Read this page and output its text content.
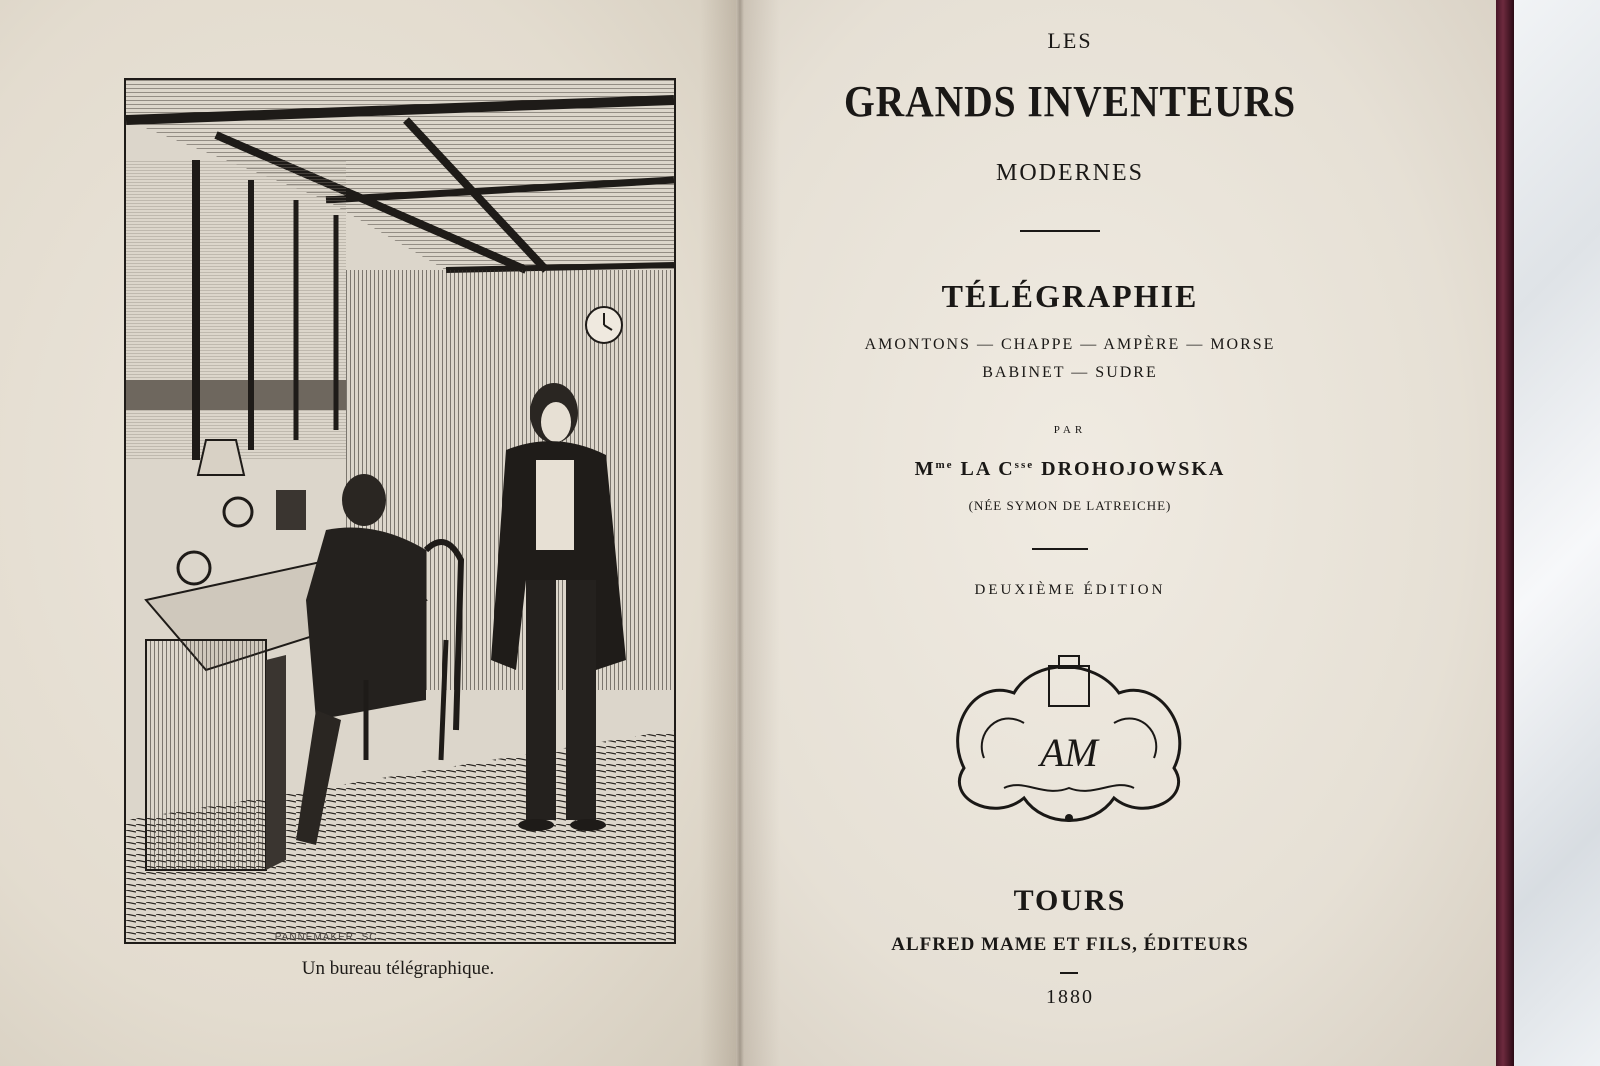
PANNEMAKER. SC.
Un bureau télégraphique.
LES
GRANDS INVENTEURS
MODERNES
TÉLÉGRAPHIE
AMONTONS — CHAPPE — AMPÈRE — MORSE
BABINET — SUDRE
PAR
$M^{me}$ LA $C^{sse}$ DROHOJOWSKA
(NÉE SYMON DE LATREICHE)
DEUXIÈME ÉDITION
AM
TOURS
ALFRED MAME ET FILS, ÉDITEURS
1880
